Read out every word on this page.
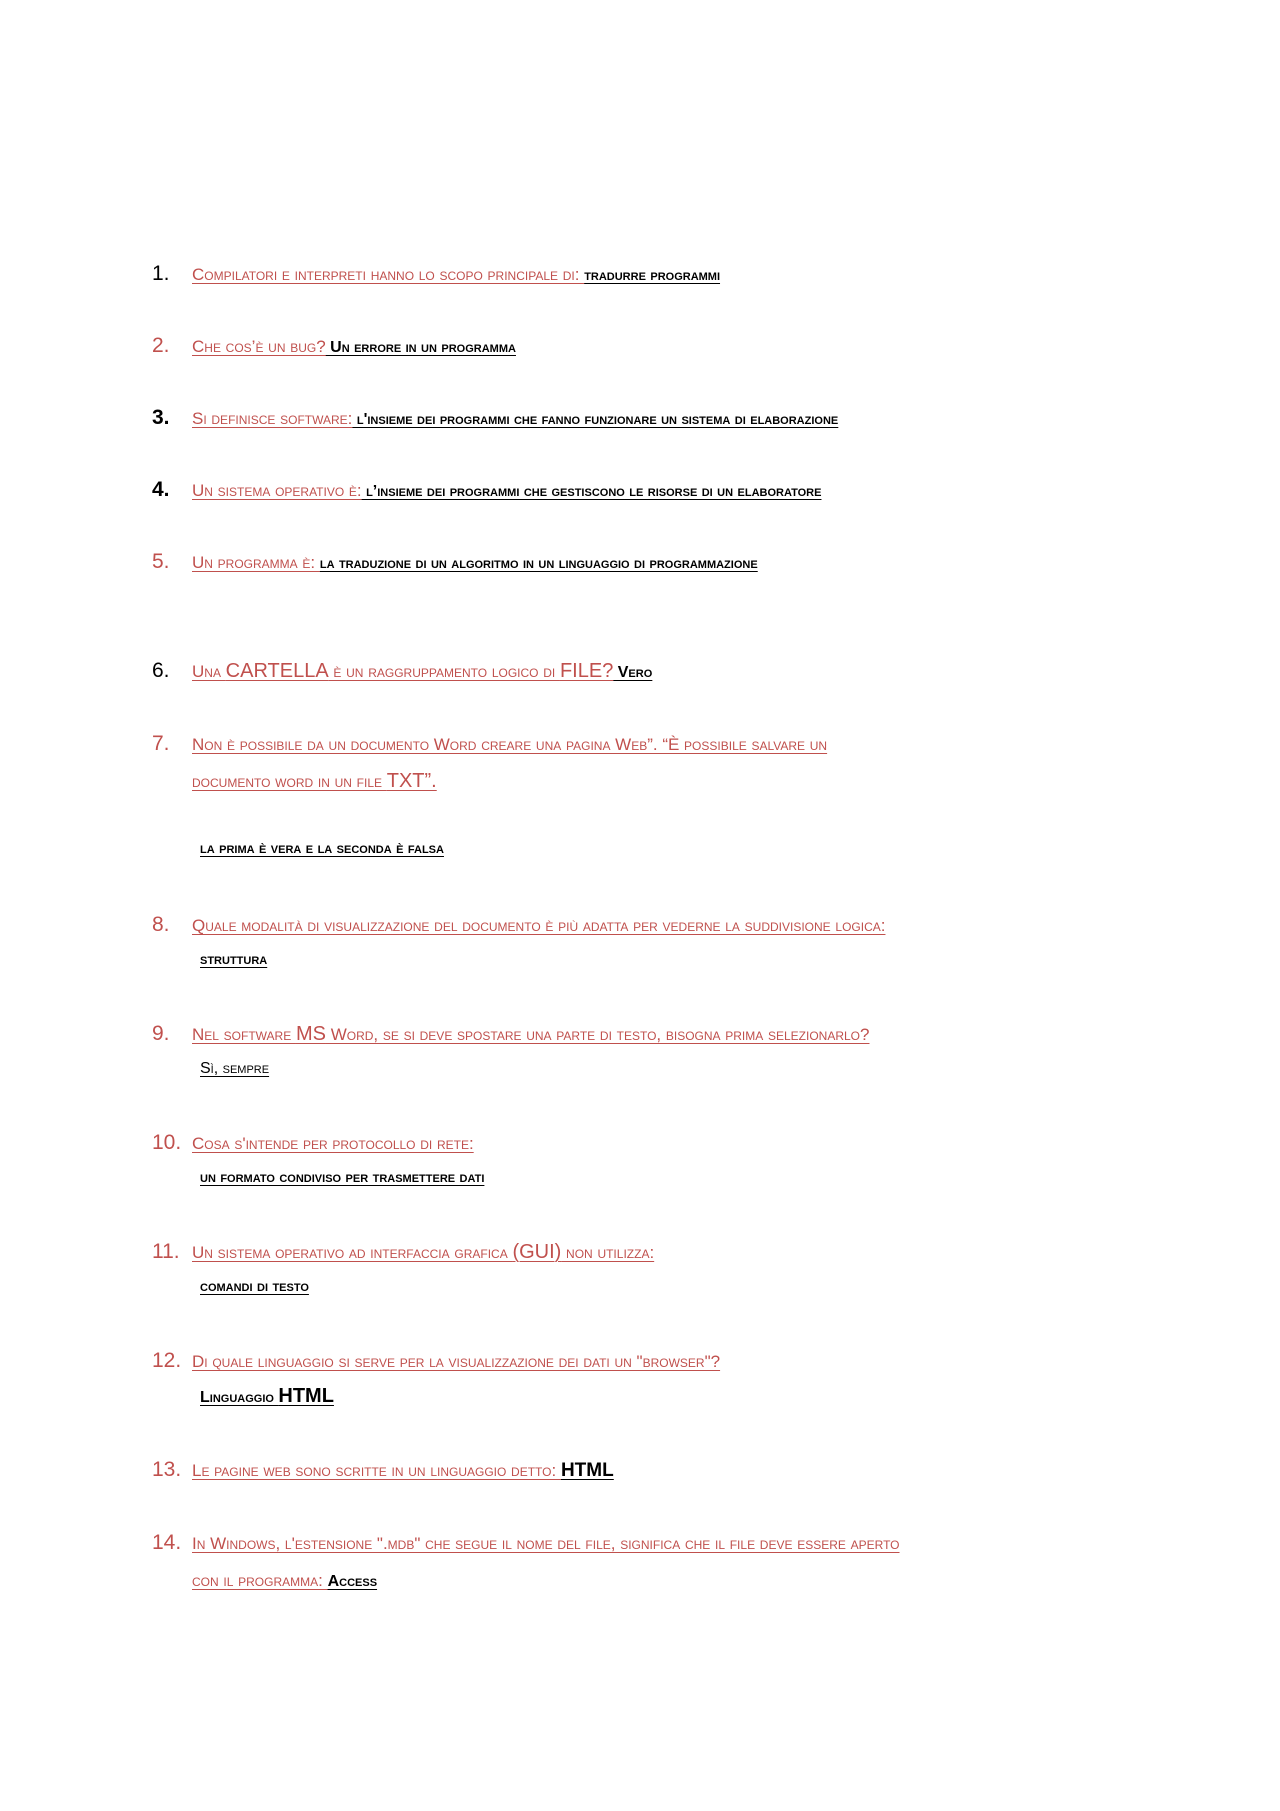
1. Compilatori e interpreti hanno lo scopo principale di: tradurre programmi
2. Che cos’è un bug? Un errore in un programma
3. Si definisce software: l'insieme dei programmi che fanno funzionare un sistema di elaborazione
4. Un sistema operativo è: l’insieme dei programmi che gestiscono le risorse di un elaboratore
5. Un programma è: la traduzione di un algoritmo in un linguaggio di programmazione
6. Una CARTELLA è un raggruppamento logico di FILE? Vero
7. Non è possibile da un documento Word creare una pagina Web”. “È possibile salvare un
documento word in un file TXT”.
la prima è vera e la seconda è falsa
8. Quale modalità di visualizzazione del documento è più adatta per vederne la suddivisione logica:
struttura
9. Nel software MS Word, se si deve spostare una parte di testo, bisogna prima selezionarlo?
Sì, sempre
10. Cosa s'intende per protocollo di rete:
un formato condiviso per trasmettere dati
11. Un sistema operativo ad interfaccia grafica (GUI) non utilizza:
comandi di testo
12. Di quale linguaggio si serve per la visualizzazione dei dati un "browser"?
Linguaggio HTML
13. Le pagine web sono scritte in un linguaggio detto: HTML
14. In Windows, l'estensione ".mdb" che segue il nome del file, significa che il file deve essere aperto
con il programma: Access
